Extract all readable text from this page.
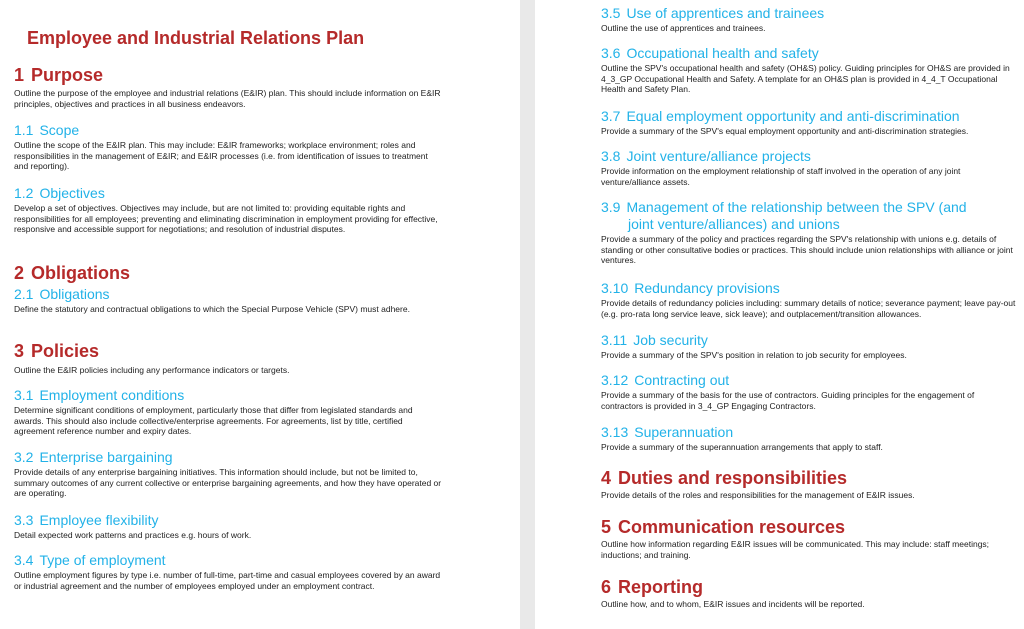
Employee and Industrial Relations Plan
1 Purpose

Outline the purpose of the employee and industrial relations (E&IR) plan. This should include information on E&IR principles, objectives and practices in all business endeavors.

1.1 Scope

Outline the scope of the E&IR plan. This may include: E&IR frameworks; workplace environment; roles and responsibilities in the management of E&IR; and E&IR processes (i.e. from identification of issues to treatment and reporting).

1.2 Objectives

Develop a set of objectives. Objectives may include, but are not limited to: providing equitable rights and responsibilities for all employees; preventing and eliminating discrimination in employment providing for effective, responsive and accessible support for negotiations; and resolution of industrial disputes.

2 Obligations
2.1 Obligations

Define the statutory and contractual obligations to which the Special Purpose Vehicle (SPV) must adhere.

3 Policies

Outline the E&IR policies including any performance indicators or targets.

3.1 Employment conditions

Determine significant conditions of employment, particularly those that differ from legislated standards and awards. This should also include collective/enterprise agreements. For agreements, list by title, certified agreement reference number and expiry dates.

3.2 Enterprise bargaining

Provide details of any enterprise bargaining initiatives. This information should include, but not be limited to, summary outcomes of any current collective or enterprise bargaining agreements, and how they have operated or are operating.

3.3 Employee flexibility

Detail expected work patterns and practices e.g. hours of work.

3.4 Type of employment

Outline employment figures by type i.e. number of full-time, part-time and casual employees covered by an award or industrial agreement and the number of employees employed under an employment contract.

3.5 Use of apprentices and trainees

Outline the use of apprentices and trainees.

3.6 Occupational health and safety

Outline the SPV's occupational health and safety (OH&S) policy. Guiding principles for OH&S are provided in 4_3_GP Occupational Health and Safety. A template for an OH&S plan is provided in 4_4_T Occupational Health and Safety Plan.

3.7 Equal employment opportunity and anti-discrimination

Provide a summary of the SPV's equal employment opportunity and anti-discrimination strategies.

3.8 Joint venture/alliance projects

Provide information on the employment relationship of staff involved in the operation of any joint venture/alliance assets.

3.9 Management of the relationship between the SPV (and
joint venture/alliances) and unions

Provide a summary of the policy and practices regarding the SPV's relationship with unions e.g. details of standing or other consultative bodies or practices. This should include union relationships with alliance or joint ventures.

3.10 Redundancy provisions

Provide details of redundancy policies including: summary details of notice; severance payment; leave pay-out (e.g. pro-rata long service leave, sick leave); and outplacement/transition allowances.

3.11 Job security

Provide a summary of the SPV's position in relation to job security for employees.

3.12 Contracting out

Provide a summary of the basis for the use of contractors. Guiding principles for the engagement of contractors is provided in 3_4_GP Engaging Contractors.

3.13 Superannuation

Provide a summary of the superannuation arrangements that apply to staff.

4 Duties and responsibilities

Provide details of the roles and responsibilities for the management of E&IR issues.

5 Communication resources

Outline how information regarding E&IR issues will be communicated. This may include: staff meetings; inductions; and training.

6 Reporting

Outline how, and to whom, E&IR issues and incidents will be reported.
